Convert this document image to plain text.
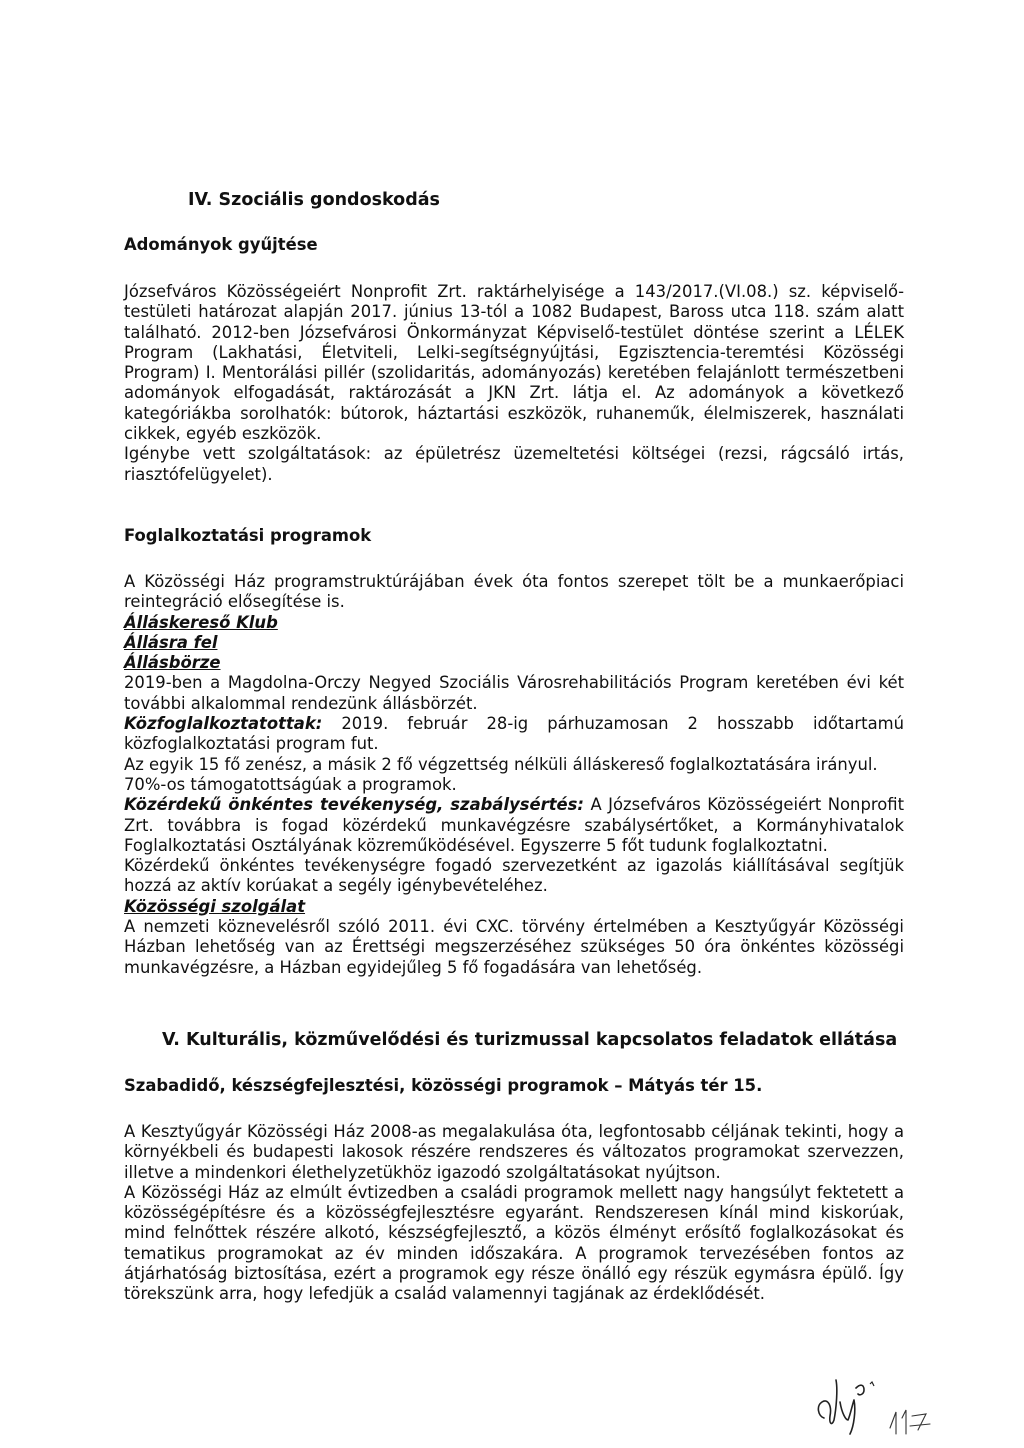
IV. Szociális gondoskodás
Adományok gyűjtése

Józsefváros Közösségeiért Nonprofit Zrt. raktárhelyisége a 143/2017.(VI.08.) sz. képviselő-testületi határozat alapján 2017. június 13-tól a 1082 Budapest, Baross utca 118. szám alatt található. 2012-ben Józsefvárosi Önkormányzat Képviselő-testület döntése szerint a LÉLEK Program (Lakhatási, Életviteli, Lelki-segítségnyújtási, Egzisztencia-teremtési Közösségi Program) I. Mentorálási pillér (szolidaritás, adományozás) keretében felajánlott természetbeni adományok elfogadását, raktározását a JKN Zrt. látja el. Az adományok a következő kategóriákba sorolhatók: bútorok, háztartási eszközök, ruhaneműk, élelmiszerek, használati cikkek, egyéb eszközök.

Igénybe vett szolgáltatások: az épületrész üzemeltetési költségei (rezsi, rágcsáló irtás, riasztófelügyelet).

Foglalkoztatási programok

A Közösségi Ház programstruktúrájában évek óta fontos szerepet tölt be a munkaerőpiaci reintegráció elősegítése is.

Álláskereső Klub
Állásra fel
Állásbörze

2019-ben a Magdolna-Orczy Negyed Szociális Városrehabilitációs Program keretében évi két további alkalommal rendezünk állásbörzét.

Közfoglalkoztatottak: 2019. február 28-ig párhuzamosan 2 hosszabb időtartamú közfoglalkoztatási program fut.

Az egyik 15 fő zenész, a másik 2 fő végzettség nélküli álláskereső foglalkoztatására irányul.

70%-os támogatottságúak a programok.

Közérdekű önkéntes tevékenység, szabálysértés: A Józsefváros Közösségeiért Nonprofit Zrt. továbbra is fogad közérdekű munkavégzésre szabálysértőket, a Kormányhivatalok Foglalkoztatási Osztályának közreműködésével. Egyszerre 5 főt tudunk foglalkoztatni.

Közérdekű önkéntes tevékenységre fogadó szervezetként az igazolás kiállításával segítjük hozzá az aktív korúakat a segély igénybevételéhez.

Közösségi szolgálat

A nemzeti köznevelésről szóló 2011. évi CXC. törvény értelmében a Kesztyűgyár Közösségi Házban lehetőség van az Érettségi megszerzéséhez szükséges 50 óra önkéntes közösségi munkavégzésre, a Házban egyidejűleg 5 fő fogadására van lehetőség.

V. Kulturális, közművelődési és turizmussal kapcsolatos feladatok ellátása
Szabadidő, készségfejlesztési, közösségi programok – Mátyás tér 15.

A Kesztyűgyár Közösségi Ház 2008-as megalakulása óta, legfontosabb céljának tekinti, hogy a környékbeli és budapesti lakosok részére rendszeres és változatos programokat szervezzen, illetve a mindenkori élethelyzetükhöz igazodó szolgáltatásokat nyújtson.

A Közösségi Ház az elmúlt évtizedben a családi programok mellett nagy hangsúlyt fektetett a közösségépítésre és a közösségfejlesztésre egyaránt. Rendszeresen kínál mind kiskorúak, mind felnőttek részére alkotó, készségfejlesztő, a közös élményt erősítő foglalkozásokat és tematikus programokat az év minden időszakára. A programok tervezésében fontos az átjárhatóság biztosítása, ezért a programok egy része önálló egy részük egymásra épülő. Így törekszünk arra, hogy lefedjük a család valamennyi tagjának az érdeklődését.
